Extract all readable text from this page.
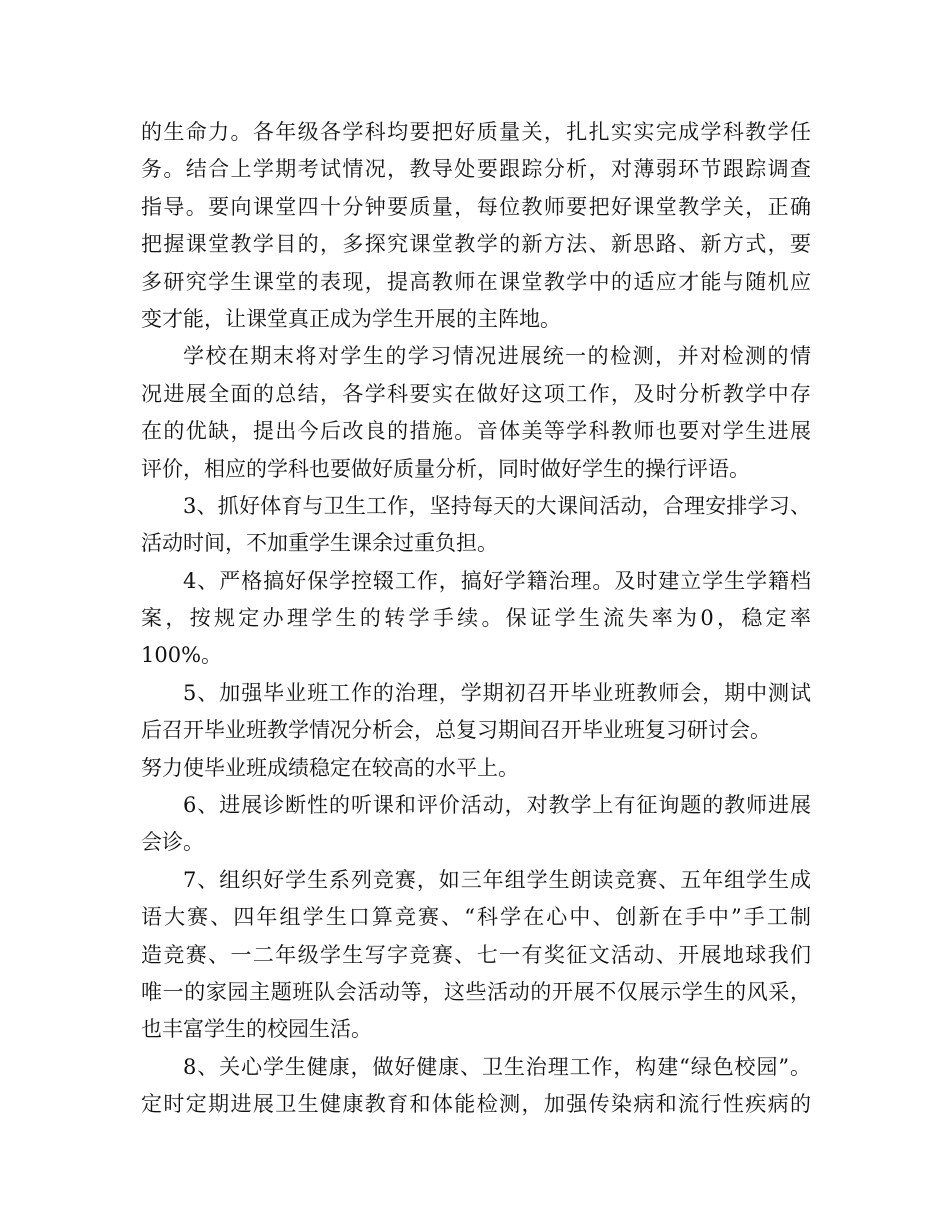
的生命力。各年级各学科均要把好质量关，扎扎实实完成学科教学任
务。结合上学期考试情况，教导处要跟踪分析，对薄弱环节跟踪调查
指导。要向课堂四十分钟要质量，每位教师要把好课堂教学关，正确
把握课堂教学目的，多探究课堂教学的新方法、新思路、新方式，要
多研究学生课堂的表现，提高教师在课堂教学中的适应才能与随机应
变才能，让课堂真正成为学生开展的主阵地。
学校在期末将对学生的学习情况进展统一的检测，并对检测的情
况进展全面的总结，各学科要实在做好这项工作，及时分析教学中存
在的优缺，提出今后改良的措施。音体美等学科教师也要对学生进展
评价，相应的学科也要做好质量分析，同时做好学生的操行评语。
3、抓好体育与卫生工作，坚持每天的大课间活动，合理安排学习、
活动时间，不加重学生课余过重负担。
4、严格搞好保学控辍工作，搞好学籍治理。及时建立学生学籍档
案，按规定办理学生的转学手续。保证学生流失率为0，稳定率
100%。
5、加强毕业班工作的治理，学期初召开毕业班教师会，期中测试
后召开毕业班教学情况分析会，总复习期间召开毕业班复习研讨会。
努力使毕业班成绩稳定在较高的水平上。
6、进展诊断性的听课和评价活动，对教学上有征询题的教师进展
会诊。
7、组织好学生系列竞赛，如三年组学生朗读竞赛、五年组学生成
语大赛、四年组学生口算竞赛、“科学在心中、创新在手中”手工制
造竞赛、一二年级学生写字竞赛、七一有奖征文活动、开展地球我们
唯一的家园主题班队会活动等，这些活动的开展不仅展示学生的风采，
也丰富学生的校园生活。
8、关心学生健康，做好健康、卫生治理工作，构建“绿色校园”。
定时定期进展卫生健康教育和体能检测，加强传染病和流行性疾病的
